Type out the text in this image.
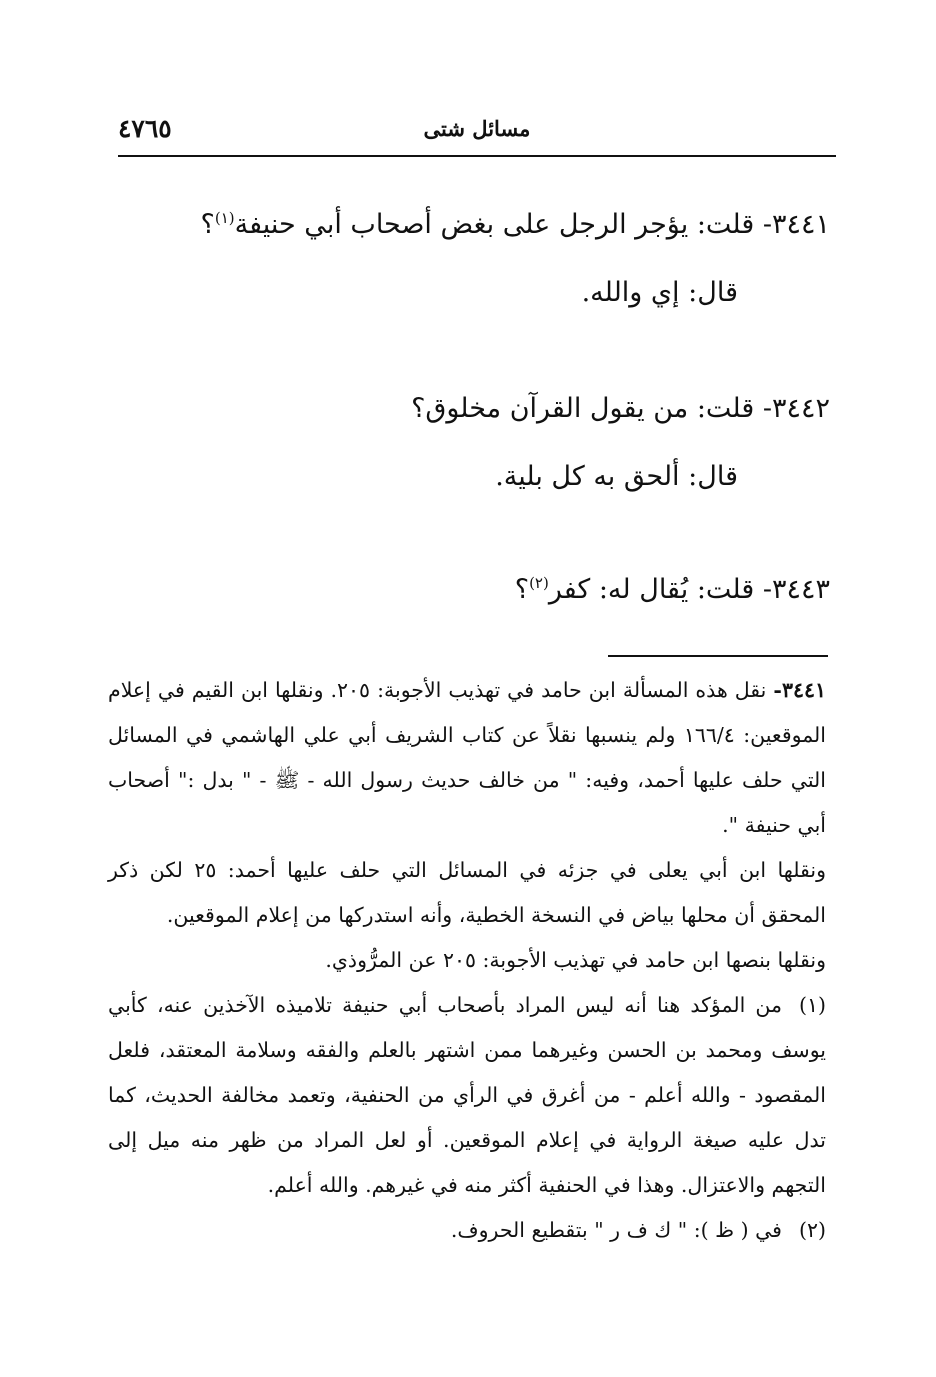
٤٧٦٥	مسائل شتى
٣٤٤١- قلت: يؤجر الرجل على بغض أصحاب أبي حنيفة$^{(١)}$؟
قال: إي والله.
٣٤٤٢- قلت: من يقول القرآن مخلوق؟
قال: ألحق به كل بلية.
٣٤٤٣- قلت: يُقال له: كفر$^{(٢)}$؟

٣٤٤١- نقل هذه المسألة ابن حامد في تهذيب الأجوبة: ٢٠٥. ونقلها ابن القيم في إعلام الموقعين: ١٦٦/٤ ولم ينسبها نقلاً عن كتاب الشريف أبي علي الهاشمي في المسائل التي حلف عليها أحمد، وفيه: " من خالف حديث رسول الله - ﷺ - " بدل :" أصحاب أبي حنيفة ".

ونقلها ابن أبي يعلى في جزئه في المسائل التي حلف عليها أحمد: ٢٥ لكن ذكر المحقق أن محلها بياض في النسخة الخطية، وأنه استدركها من إعلام الموقعين.

ونقلها بنصها ابن حامد في تهذيب الأجوبة: ٢٠٥ عن المرُّوذي.

(١)من المؤكد هنا أنه ليس المراد بأصحاب أبي حنيفة تلاميذه الآخذين عنه، كأبي يوسف ومحمد بن الحسن وغيرهما ممن اشتهر بالعلم والفقه وسلامة المعتقد، فلعل المقصود - والله أعلم - من أغرق في الرأي من الحنفية، وتعمد مخالفة الحديث، كما تدل عليه صيغة الرواية في إعلام الموقعين. أو لعل المراد من ظهر منه ميل إلى التجهم والاعتزال. وهذا في الحنفية أكثر منه في غيرهم. والله أعلم.

(٢)في ( ظ ): " ك ف ر " بتقطيع الحروف.
